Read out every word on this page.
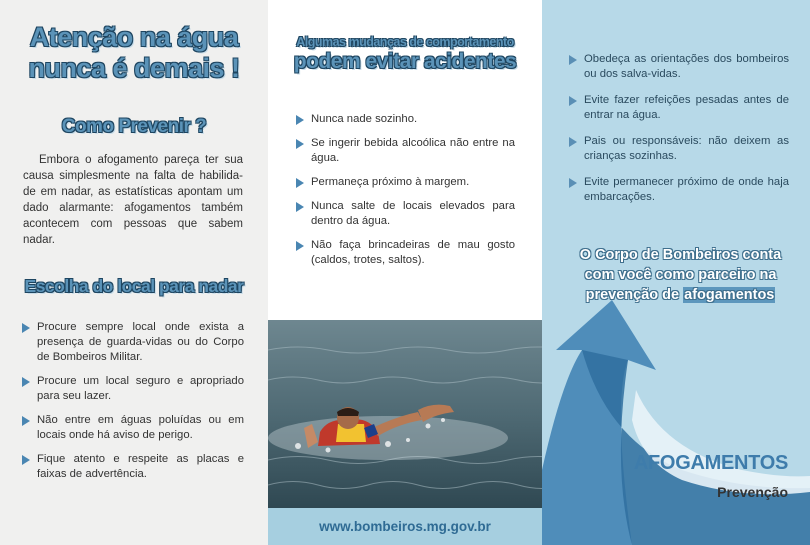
Atenção na água
nunca é demais !
Como Prevenir ?

Embora o afogamento pareça ter sua causa simplesmente na falta de habilida-de em nadar, as estatísticas apontam um dado alarmante: afogamentos também acontecem com pessoas que sabem nadar.

Escolha do local para nadar
Procure sempre local onde exista a presença de guarda-vidas ou do Corpo de Bombeiros Militar.
Procure um local seguro e apropriado para seu lazer.
Não entre em águas poluídas ou em locais onde há aviso de perigo.
Fique atento e respeite as placas e faixas de advertência.
Algumas mudanças de comportamento
podem evitar acidentes
Nunca nade sozinho.
Se ingerir bebida alcoólica não entre na água.
Permaneça próximo à margem.
Nunca salte de locais elevados para dentro da água.
Não faça brincadeiras de mau gosto (caldos, trotes, saltos).
www.bombeiros.mg.gov.br
Obedeça as orientações dos bombeiros ou dos salva-vidas.
Evite fazer refeições pesadas antes de entrar na água.
Pais ou responsáveis: não deixem as crianças sozinhas.
Evite permanecer próximo de onde haja embarcações.
O Corpo de Bombeiros conta
com você como parceiro na
prevenção de afogamentos
AFOGAMENTOS
Prevenção
